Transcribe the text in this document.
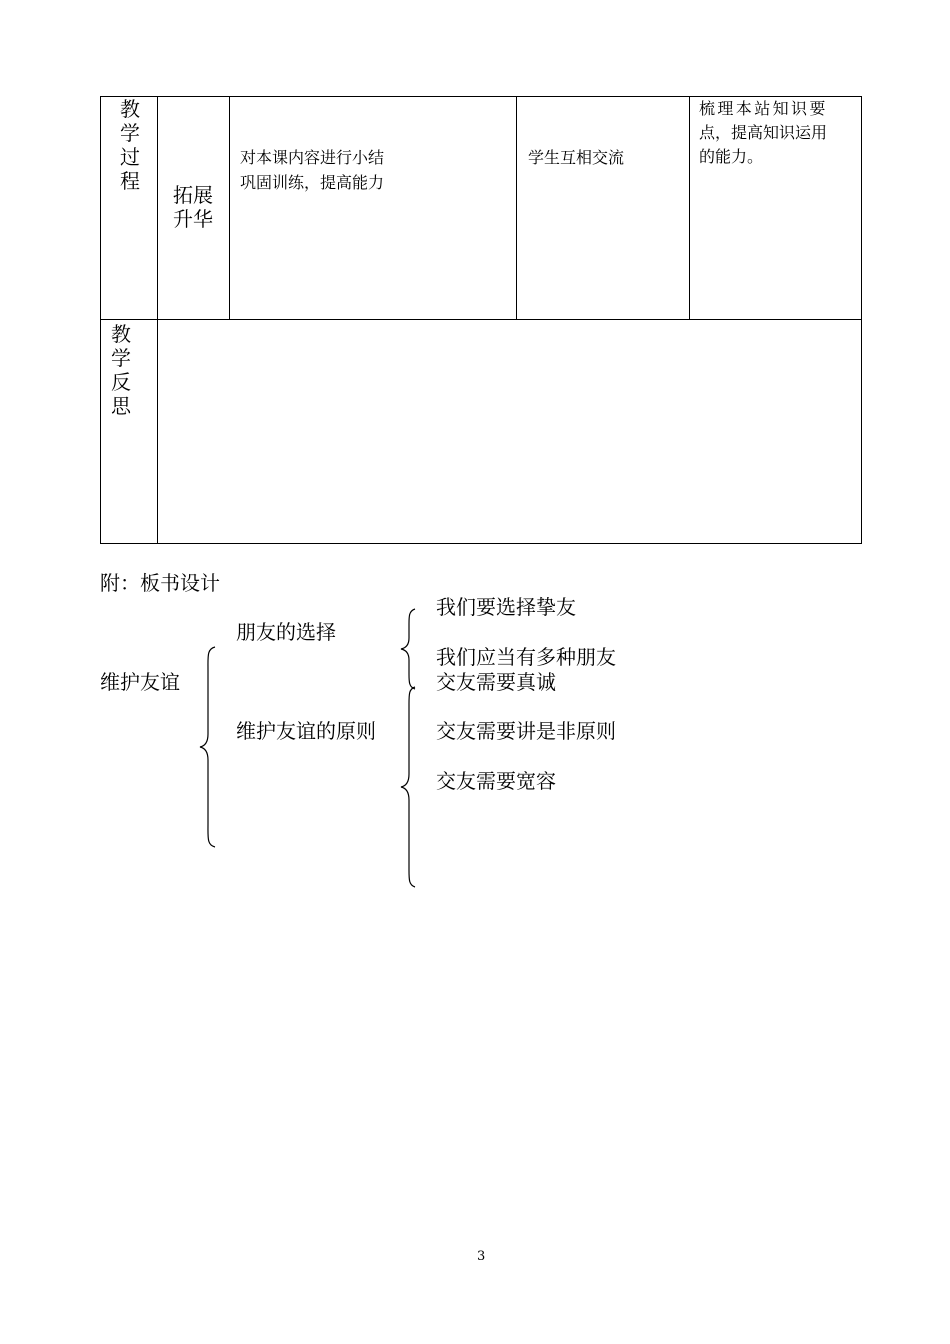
教学过程
拓展升华
对本课内容进行小结
巩固训练，提高能力
学生互相交流
梳理本站知识要
点，提高知识运用
的能力。
教学反思
附：板书设计
维护友谊
朋友的选择
维护友谊的原则
我们要选择挚友
我们应当有多种朋友
交友需要真诚
交友需要讲是非原则
交友需要宽容
3
